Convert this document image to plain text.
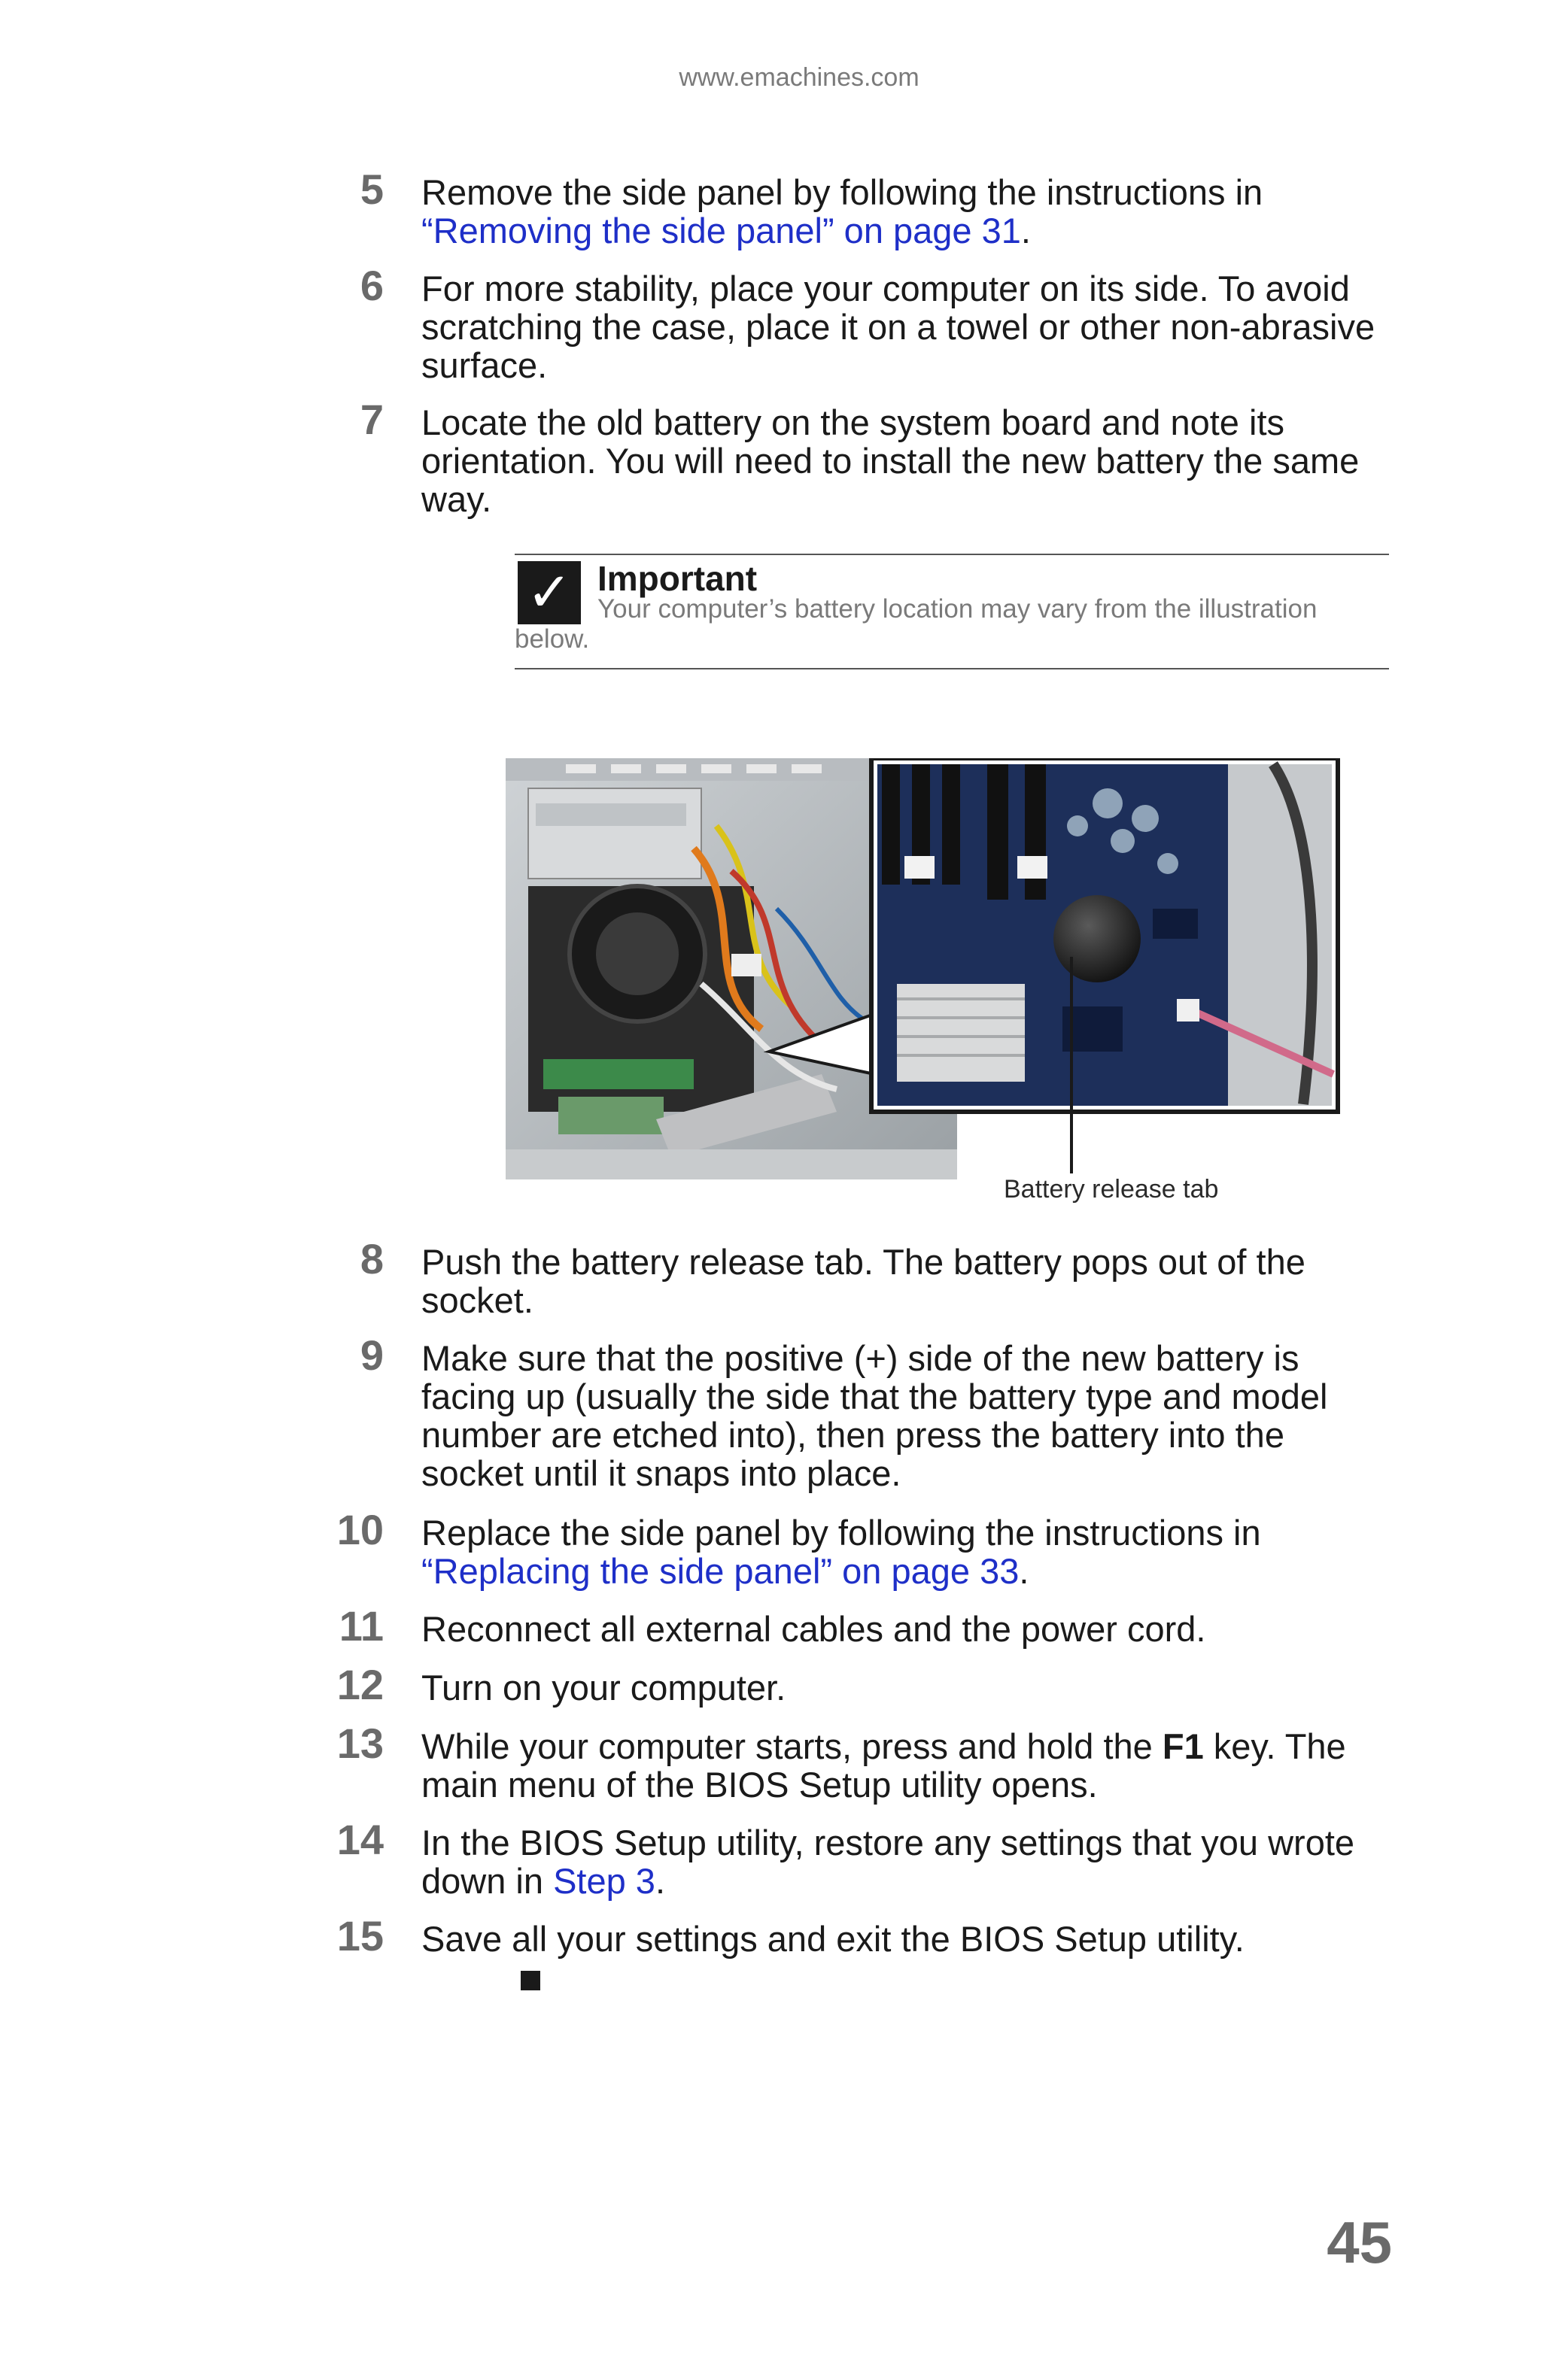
www.emachines.com
5 Remove the side panel by following the instructions in “Removing the side panel” on page 31.
6 For more stability, place your computer on its side. To avoid scratching the case, place it on a towel or other non-abrasive surface.
7 Locate the old battery on the system board and note its orientation. You will need to install the new battery the same way.
✓ Important
Your computer’s battery location may vary from the illustration
below.
Battery release tab
8 Push the battery release tab. The battery pops out of the socket.
9 Make sure that the positive (+) side of the new battery is facing up (usually the side that the battery type and model number are etched into), then press the battery into the socket until it snaps into place.
10 Replace the side panel by following the instructions in “Replacing the side panel” on page 33.
11 Reconnect all external cables and the power cord.
12 Turn on your computer.
13 While your computer starts, press and hold the F1 key. The main menu of the BIOS Setup utility opens.
14 In the BIOS Setup utility, restore any settings that you wrote down in Step 3.
15 Save all your settings and exit the BIOS Setup utility.
45
